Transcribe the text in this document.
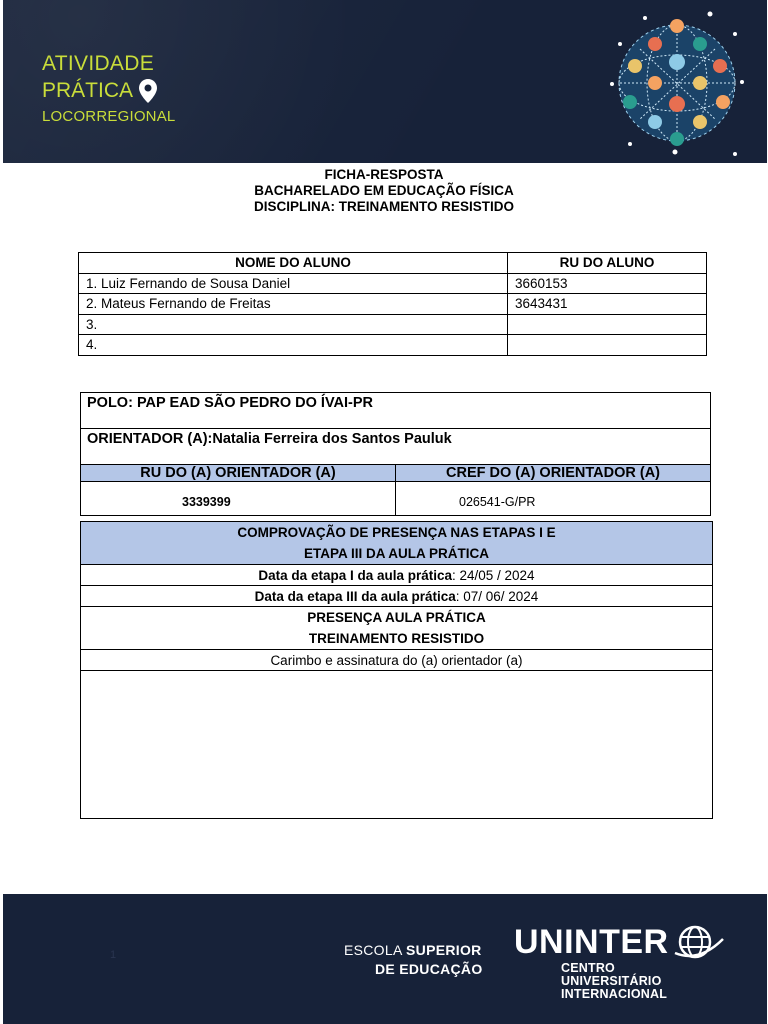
ATIVIDADE
PRÁTICA
LOCORREGIONAL
FICHA-RESPOSTA
BACHARELADO EM EDUCAÇÃO FÍSICA
DISCIPLINA: TREINAMENTO RESISTIDO
NOME DO ALUNO	RU DO ALUNO
1. Luiz Fernando de Sousa Daniel	3660153
2. Mateus Fernando de Freitas	3643431
3.	
4.	
POLO: PAP EAD SÃO PEDRO DO ÍVAI-PR	
ORIENTADOR (A):Natalia Ferreira dos Santos Pauluk	
RU DO (A) ORIENTADOR (A)	CREF DO (A) ORIENTADOR (A)
3339399	026541-G/PR
COMPROVAÇÃO DE PRESENÇA NAS ETAPAS I E
ETAPA III DA AULA PRÁTICA
Data da etapa I da aula prática: 24/05 / 2024
Data da etapa III da aula prática: 07/ 06/ 2024
PRESENÇA AULA PRÁTICA
TREINAMENTO RESISTIDO
Carimbo e assinatura do (a) orientador (a)

1	ESCOLA SUPERIOR
DE EDUCAÇÃO
UNINTER
CENTRO
UNIVERSITÁRIO
INTERNACIONAL
